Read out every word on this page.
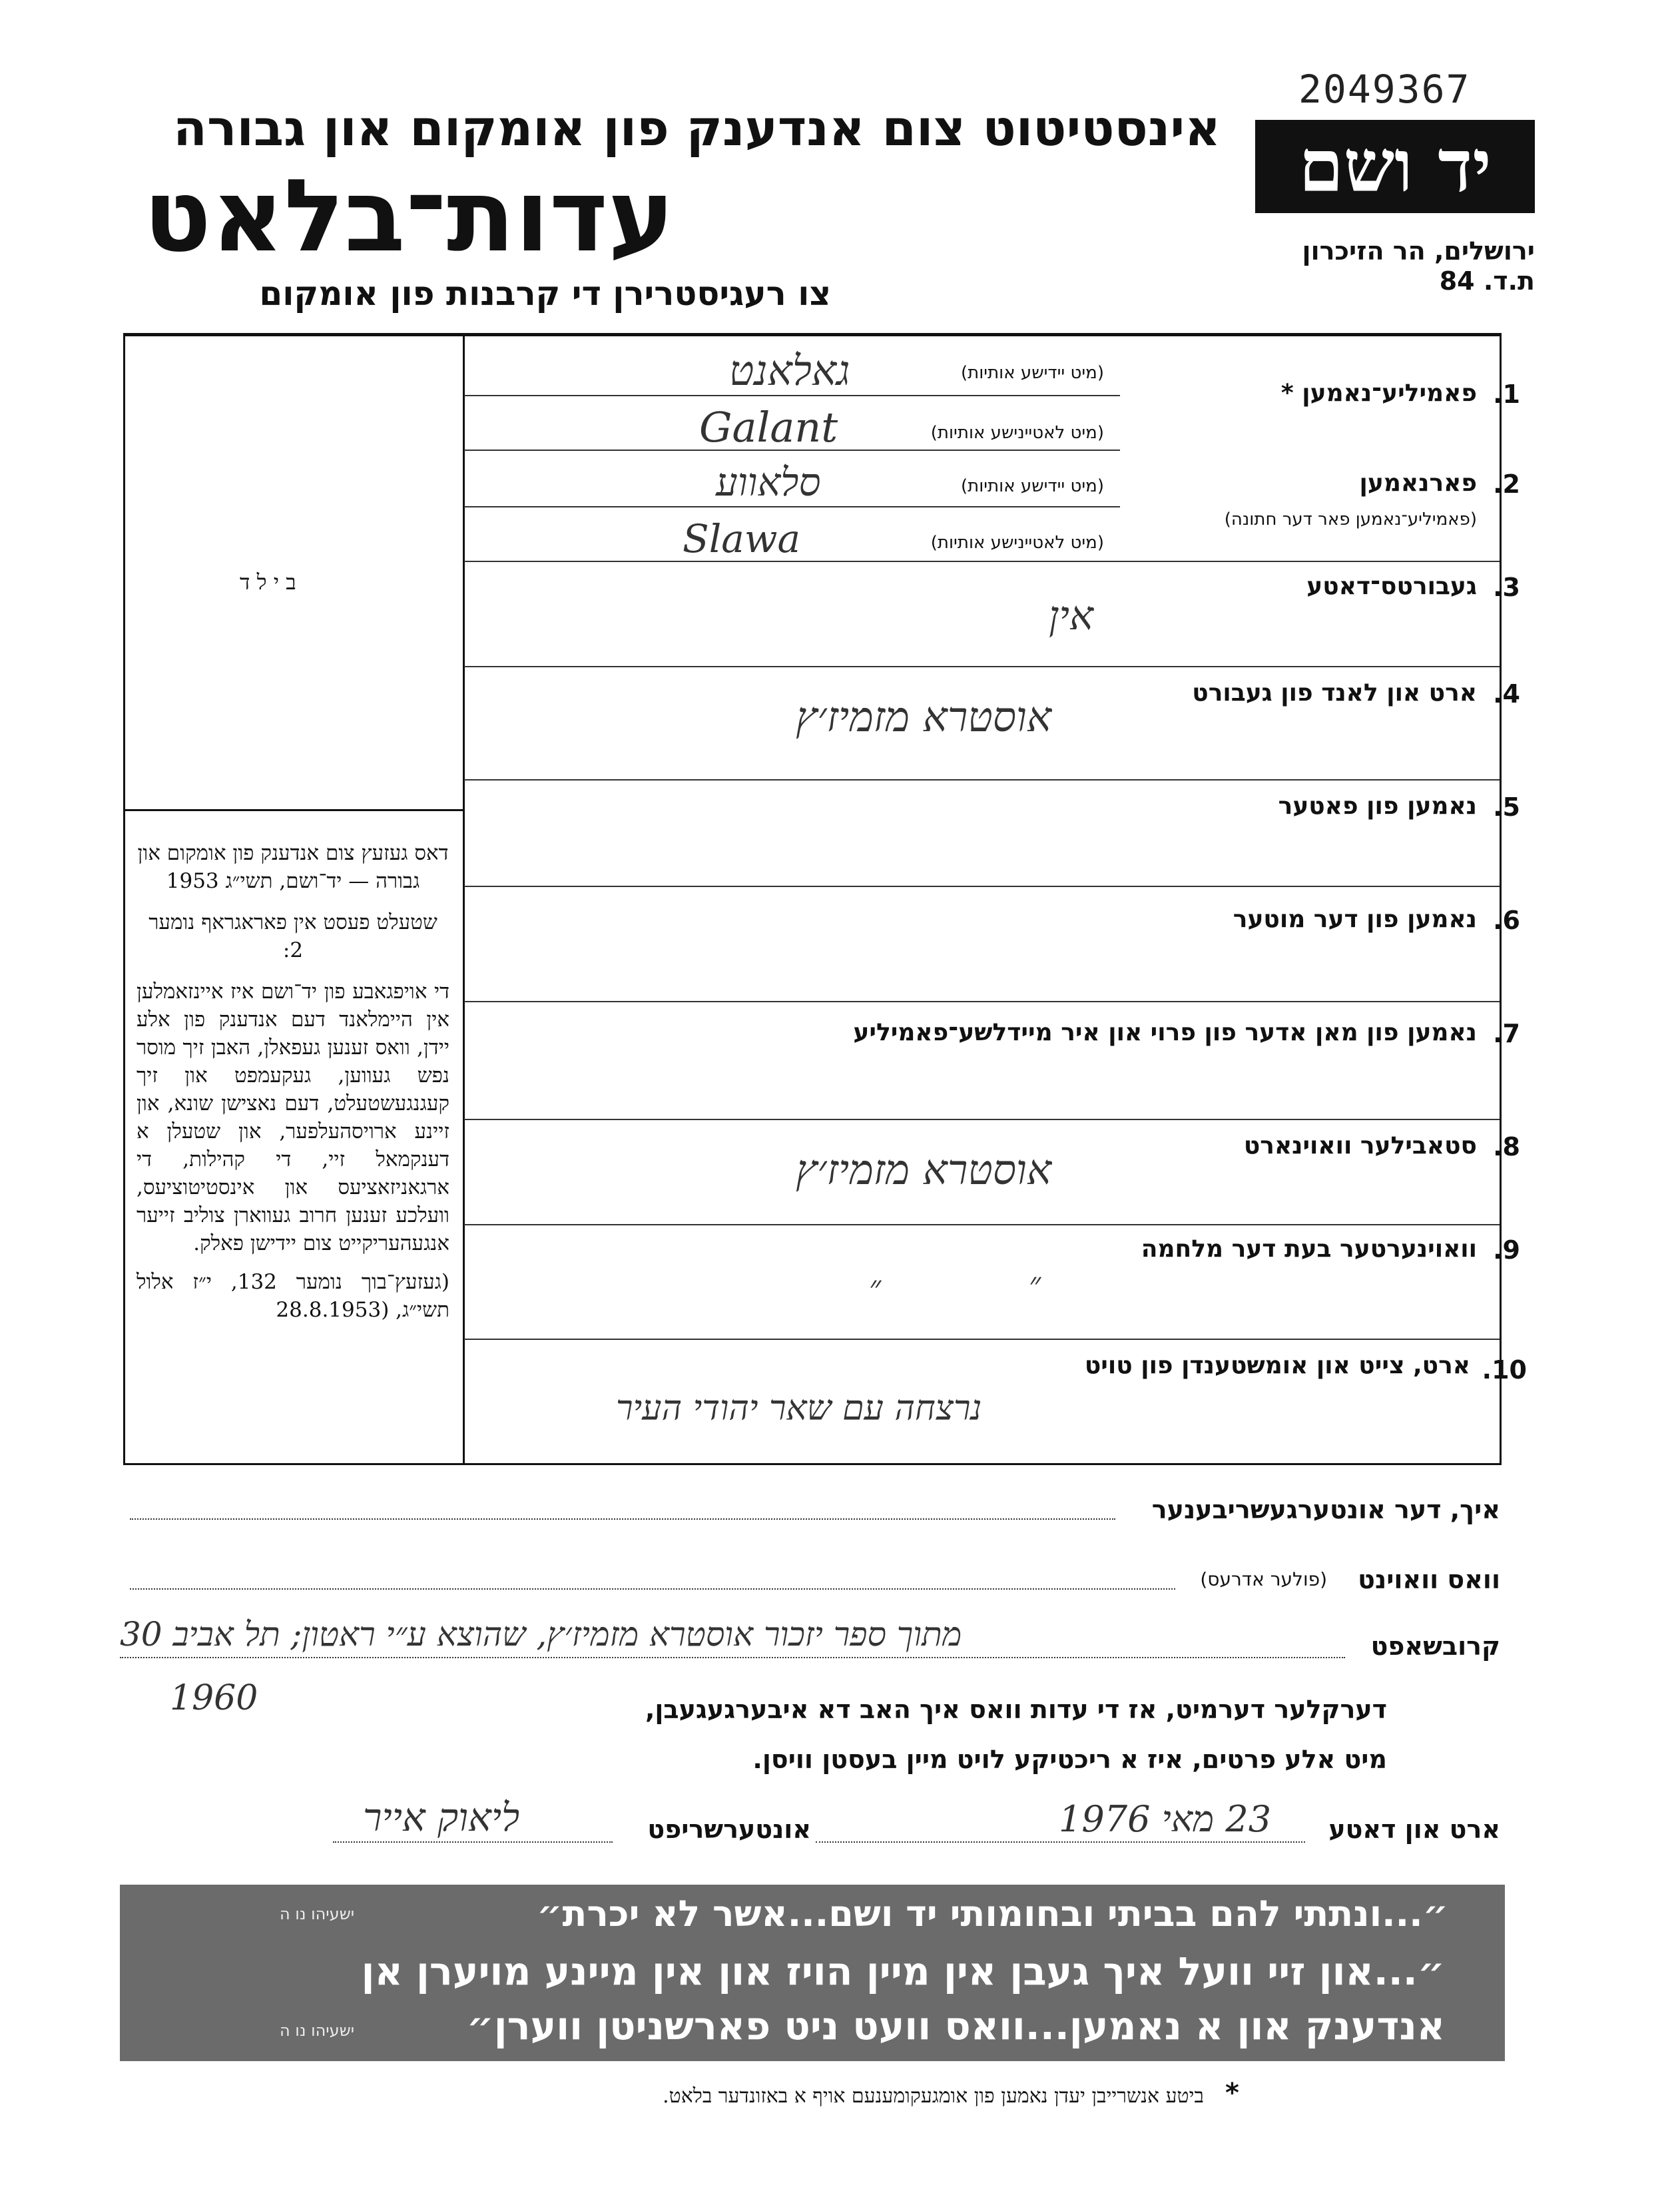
2049367
יד ושם
ירושלים, הר הזיכרון
ת.ד. 84
אינסטיטוט צום אנדענק פון אומקום און גבורה
עדות־בלאט
צו רעגיסטרירן די קרבנות פון אומקום
ב י ל ד
דאס געזעץ צום אנדענק פון אומקום און גבורה — יד־ושם, תשי״ג 1953
שטעלט פעסט אין פאראגראף נומער 2:
די אויפגאבע פון יד־ושם איז איינזאמלען אין היימלאנד דעם אנדענק פון אלע יידן, וואס זענען געפאלן, האבן זיך מוסר נפש געווען, געקעמפט און זיך קעגנגעשטעלט, דעם נאצישן שונא, און זיינע ארויסהעלפער, און שטעלן א דענקמאל זיי, די קהילות, די ארגאניזאציעס און אינסטיטוציעס, וועלכע זענען חרוב געווארן צוליב זייער אנגעהעריקייט צום יידישן פאלק.
(געזעץ־בוך נומער 132, י״ז אלול תשי״ג, (28.8.1953
1.
פאמיליע־נאמען *
(מיט יידישע אותיות)
גאלאנט
(מיט לאטיינישע אותיות)
Galant
2.
פארנאמען
(פאמיליע־נאמען פאר דער חתונה)
(מיט יידישע אותיות)
סלאווע
(מיט לאטיינישע אותיות)
Slawa
3.
געבורטס־דאטע
אין
4.
ארט און לאנד פון געבורט
אוסטרא מזמיז׳ץ
5.
נאמען פון פאטער
6.
נאמען פון דער מוטער
7.
נאמען פון מאן אדער פון פרוי און איר מיידלשע־פאמיליע
8.
סטאבילער וואוינארט
אוסטרא מזמיז׳ץ
9.
וואוינערטער בעת דער מלחמה
״
״
10.
ארט, צייט און אומשטענדן פון טויט
נרצחה עם שאר יהודי העיר
איך, דער אונטערגעשריבענער
וואס וואוינט
(פולער אדרעס)
קרובשאפט
מתוך ספר יזכור אוסטרא מזמיז׳ץ, שהוצא ע״י ראטון; תל אביב 30
1960	דערקלער דערמיט, אז די עדות וואס איך האב דא איבערגעגעבן,
מיט אלע פרטים, איז א ריכטיקע לויט מיין בעסטן וויסן.
ארט און דאטע
23 מאי 1976
אונטערשריפט
ליאוק אייר
״...ונתתי להם בביתי ובחומותי יד ושם...אשר לא יכרת״
ישעיהו נו ה
״...און זיי וועל איך געבן אין מיין הויז און אין מיינע מויערן אן
אנדענק און א נאמען...וואס וועט ניט פארשניטן ווערן״
ישעיהו נו ה
*
ביטע אנשרייבן יעדן נאמען פון אומגעקומענעם אויף א באזונדער בלאט.
